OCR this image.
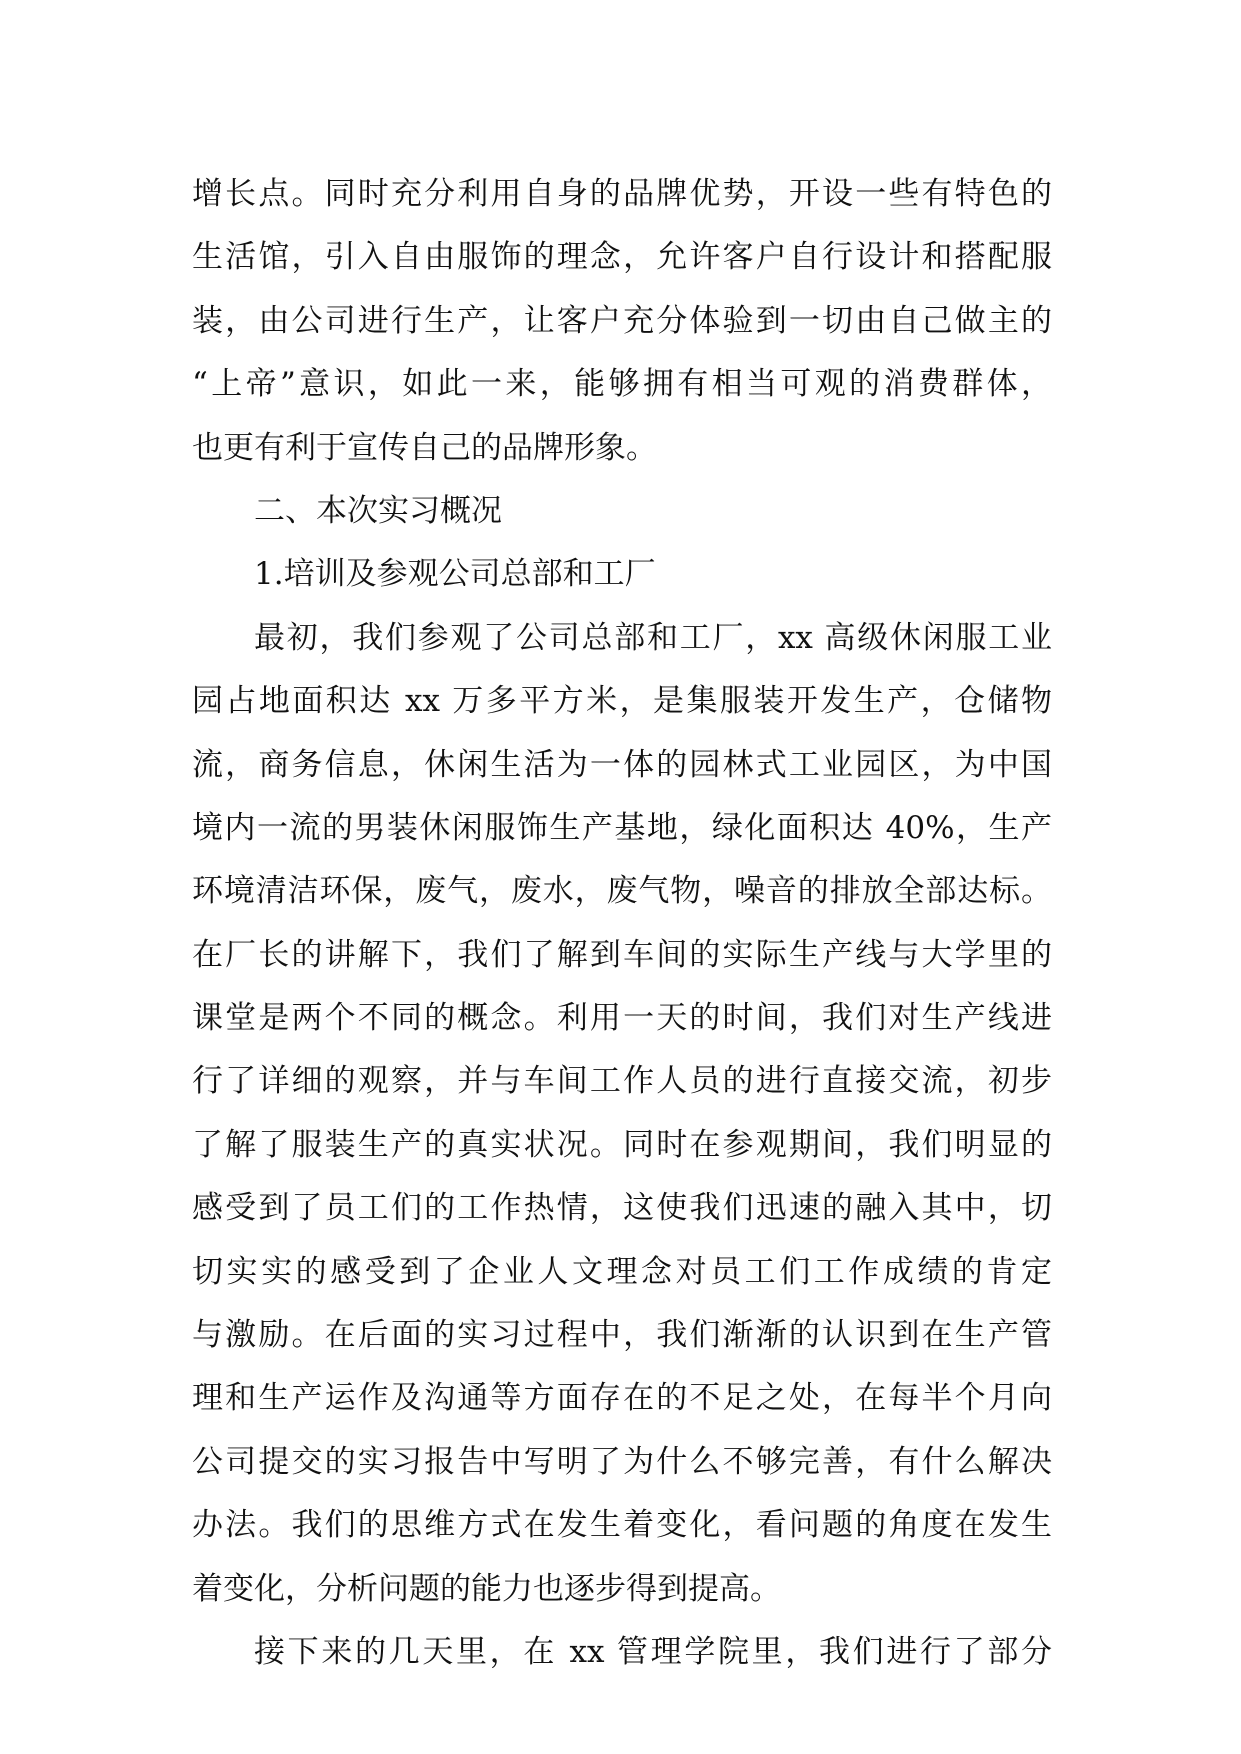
增长点。同时充分利用自身的品牌优势，开设一些有特色的
生活馆，引入自由服饰的理念，允许客户自行设计和搭配服
装，由公司进行生产，让客户充分体验到一切由自己做主的
“上帝”意识，如此一来，能够拥有相当可观的消费群体，
也更有利于宣传自己的品牌形象。
二、本次实习概况
1.培训及参观公司总部和工厂
最初，我们参观了公司总部和工厂，xx 高级休闲服工业
园占地面积达 xx 万多平方米，是集服装开发生产，仓储物
流，商务信息，休闲生活为一体的园林式工业园区，为中国
境内一流的男装休闲服饰生产基地，绿化面积达 40%，生产
环境清洁环保，废气，废水，废气物，噪音的排放全部达标。
在厂长的讲解下，我们了解到车间的实际生产线与大学里的
课堂是两个不同的概念。利用一天的时间，我们对生产线进
行了详细的观察，并与车间工作人员的进行直接交流，初步
了解了服装生产的真实状况。同时在参观期间，我们明显的
感受到了员工们的工作热情，这使我们迅速的融入其中，切
切实实的感受到了企业人文理念对员工们工作成绩的肯定
与激励。在后面的实习过程中，我们渐渐的认识到在生产管
理和生产运作及沟通等方面存在的不足之处，在每半个月向
公司提交的实习报告中写明了为什么不够完善，有什么解决
办法。我们的思维方式在发生着变化，看问题的角度在发生
着变化，分析问题的能力也逐步得到提高。
接下来的几天里，在 xx 管理学院里，我们进行了部分
